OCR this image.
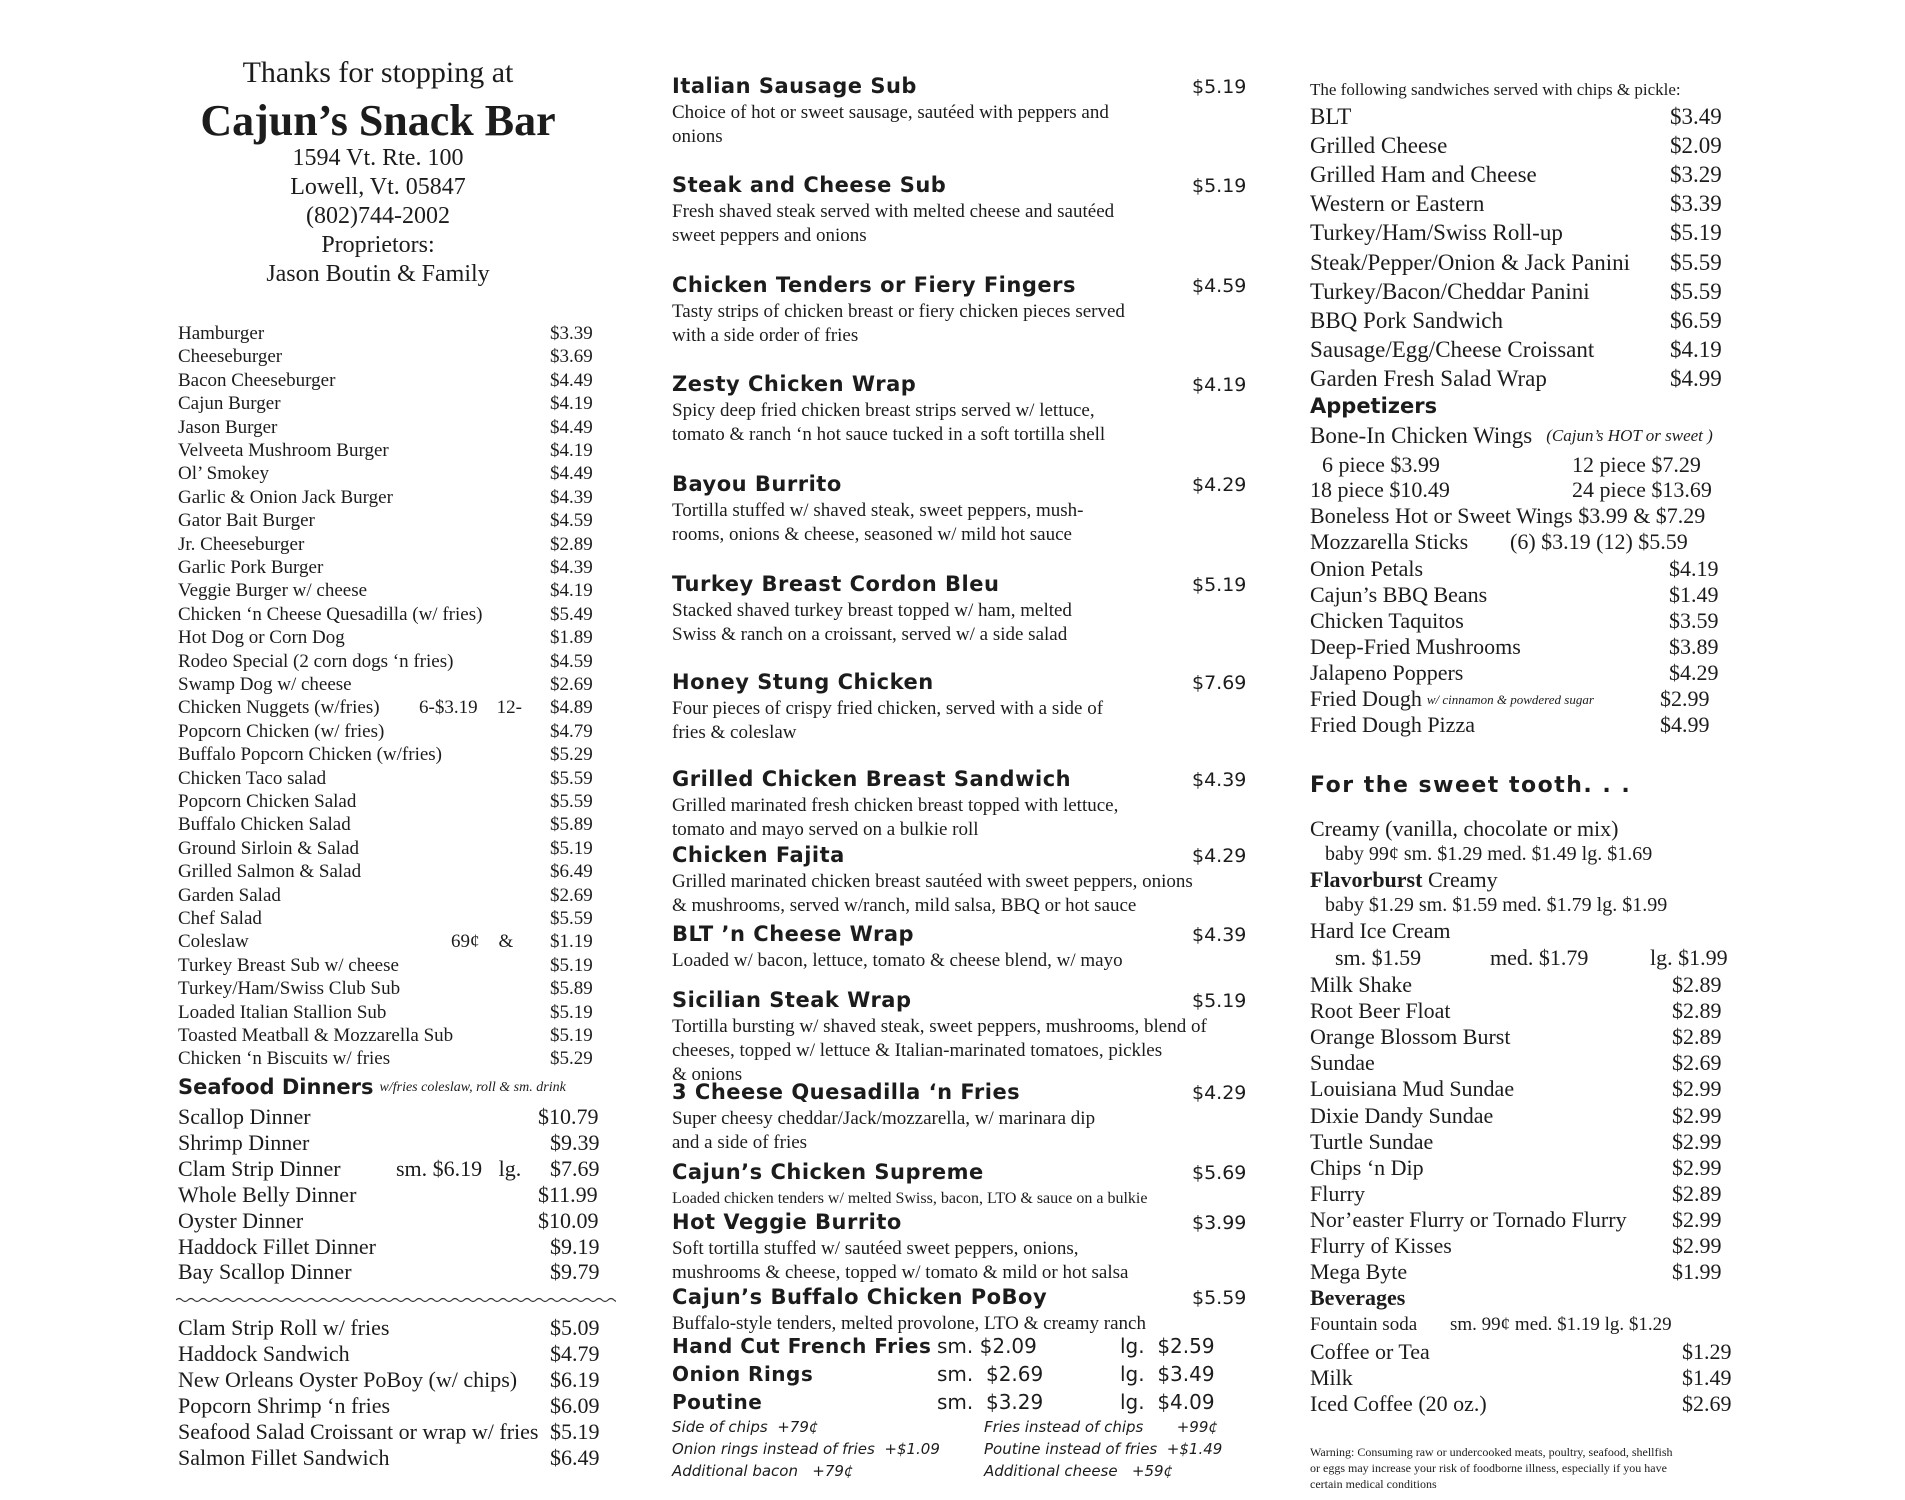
Thanks for stopping at
Cajun’s Snack Bar
1594 Vt. Rte. 100
Lowell, Vt. 05847
(802)744-2002
Proprietors:
Jason Boutin & Family
Hamburger	$3.39
Cheeseburger	$3.69
Bacon Cheeseburger	$4.49
Cajun Burger	$4.19
Jason Burger	$4.49
Velveeta Mushroom Burger	$4.19
Ol’ Smokey	$4.49
Garlic & Onion Jack Burger	$4.39
Gator Bait Burger	$4.59
Jr. Cheeseburger	$2.89
Garlic Pork Burger	$4.39
Veggie Burger w/ cheese	$4.19
Chicken ‘n Cheese Quesadilla (w/ fries)	$5.49
Hot Dog or Corn Dog	$1.89
Rodeo Special (2 corn dogs ‘n fries)	$4.59
Swamp Dog w/ cheese	$2.69
Chicken Nuggets (w/fries) 6-$3.19    12- $4.89
Popcorn Chicken (w/ fries)	$4.79
Buffalo Popcorn Chicken (w/fries)	$5.29
Chicken Taco salad	$5.59
Popcorn Chicken Salad	$5.59
Buffalo Chicken Salad	$5.89
Ground Sirloin & Salad	$5.19
Grilled Salmon & Salad	$6.49
Garden Salad	$2.69
Chef Salad	$5.59
Coleslaw	69¢    & $1.19
Turkey Breast Sub w/ cheese	$5.19
Turkey/Ham/Swiss Club Sub	$5.89
Loaded Italian Stallion Sub	$5.19
Toasted Meatball & Mozzarella Sub	$5.19
Chicken ‘n Biscuits w/ fries	$5.29
Seafood Dinners w/fries coleslaw, roll & sm. drink
Scallop Dinner	$10.79
Shrimp Dinner	$9.39
Clam Strip Dinner	sm. $6.19   lg. $7.69
Whole Belly Dinner	$11.99
Oyster Dinner	$10.09
Haddock Fillet Dinner	$9.19
Bay Scallop Dinner	$9.79
Clam Strip Roll w/ fries	$5.09
Haddock Sandwich	$4.79
New Orleans Oyster PoBoy (w/ chips) $6.19
Popcorn Shrimp ‘n fries	$6.09
Seafood Salad Croissant or wrap w/ fries $5.19
Salmon Fillet Sandwich	$6.49
Italian Sausage Sub	$5.19
Choice of hot or sweet sausage, sautéed with peppers and
onions
Steak and Cheese Sub	$5.19
Fresh shaved steak served with melted cheese and sautéed
sweet peppers and onions
Chicken Tenders or Fiery Fingers	$4.59
Tasty strips of chicken breast or fiery chicken pieces served
with a side order of fries
Zesty Chicken Wrap	$4.19
Spicy deep fried chicken breast strips served w/ lettuce,
tomato & ranch ‘n hot sauce tucked in a soft tortilla shell
Bayou Burrito	$4.29
Tortilla stuffed w/ shaved steak, sweet peppers, mush-
rooms, onions & cheese, seasoned w/ mild hot sauce
Turkey Breast Cordon Bleu	$5.19
Stacked shaved turkey breast topped w/ ham, melted
Swiss & ranch on a croissant, served w/ a side salad
Honey Stung Chicken	$7.69
Four pieces of crispy fried chicken, served with a side of
fries & coleslaw
Grilled Chicken Breast Sandwich	$4.39
Grilled marinated fresh chicken breast topped with lettuce,
tomato and mayo served on a bulkie roll
Chicken Fajita	$4.29
Grilled marinated chicken breast sautéed with sweet peppers, onions
& mushrooms, served w/ranch, mild salsa, BBQ or hot sauce
BLT ’n Cheese Wrap	$4.39
Loaded w/ bacon, lettuce, tomato & cheese blend, w/ mayo
Sicilian Steak Wrap	$5.19
Tortilla bursting w/ shaved steak, sweet peppers, mushrooms, blend of
cheeses, topped w/ lettuce & Italian-marinated tomatoes, pickles
& onions
3 Cheese Quesadilla ‘n Fries	$4.29
Super cheesy cheddar/Jack/mozzarella, w/ marinara dip
and a side of fries
Cajun’s Chicken Supreme	$5.69
Loaded chicken tenders w/ melted Swiss, bacon, LTO & sauce on a bulkie
Hot Veggie Burrito	$3.99
Soft tortilla stuffed w/ sautéed sweet peppers, onions,
mushrooms & cheese, topped w/ tomato & mild or hot salsa
Cajun’s Buffalo Chicken PoBoy	$5.59
Buffalo-style tenders, melted provolone, LTO & creamy ranch
Hand Cut French Fries sm. $2.09	lg.  $2.59
Onion Rings	sm.  $2.69	lg.  $3.49
Poutine	sm.  $3.29	lg.  $4.09
Side of chips  +79¢	Fries instead of chips       +99¢
Onion rings instead of fries  +$1.09	Poutine instead of fries  +$1.49
Additional bacon   +79¢	Additional cheese   +59¢
The following sandwiches served with chips & pickle:
BLT	$3.49
Grilled Cheese	$2.09
Grilled Ham and Cheese	$3.29
Western or Eastern	$3.39
Turkey/Ham/Swiss Roll-up	$5.19
Steak/Pepper/Onion & Jack Panini $5.59
Turkey/Bacon/Cheddar Panini	$5.59
BBQ Pork Sandwich	$6.59
Sausage/Egg/Cheese Croissant	$4.19
Garden Fresh Salad Wrap	$4.99
Appetizers
Bone-In Chicken Wings (Cajun’s HOT or sweet )
6 piece $3.99	12 piece $7.29
18 piece $10.49	24 piece $13.69
Boneless Hot or Sweet Wings $3.99 & $7.29
Mozzarella Sticks (6) $3.19 (12) $5.59
Onion Petals	$4.19
Cajun’s BBQ Beans	$1.49
Chicken Taquitos	$3.59
Deep-Fried Mushrooms	$3.89
Jalapeno Poppers	$4.29
Fried Dough w/ cinnamon & powdered sugar	$2.99
Fried Dough Pizza	$4.99
For the sweet tooth. . .
Creamy (vanilla, chocolate or mix)
baby 99¢ sm. $1.29 med. $1.49 lg. $1.69
Flavorburst Creamy
baby $1.29 sm. $1.59 med. $1.79 lg. $1.99
Hard Ice Cream
sm. $1.59	med. $1.79	lg. $1.99
Milk Shake	$2.89
Root Beer Float	$2.89
Orange Blossom Burst	$2.89
Sundae	$2.69
Louisiana Mud Sundae	$2.99
Dixie Dandy Sundae	$2.99
Turtle Sundae	$2.99
Chips ‘n Dip	$2.99
Flurry	$2.89
Nor’easter Flurry or Tornado Flurry $2.99
Flurry of Kisses	$2.99
Mega Byte	$1.99
Beverages
Fountain soda sm. 99¢ med. $1.19 lg. $1.29
Coffee or Tea	$1.29
Milk	$1.49
Iced Coffee (20 oz.)	$2.69
Warning: Consuming raw or undercooked meats, poultry, seafood, shellfish
or eggs may increase your risk of foodborne illness, especially if you have
certain medical conditions
